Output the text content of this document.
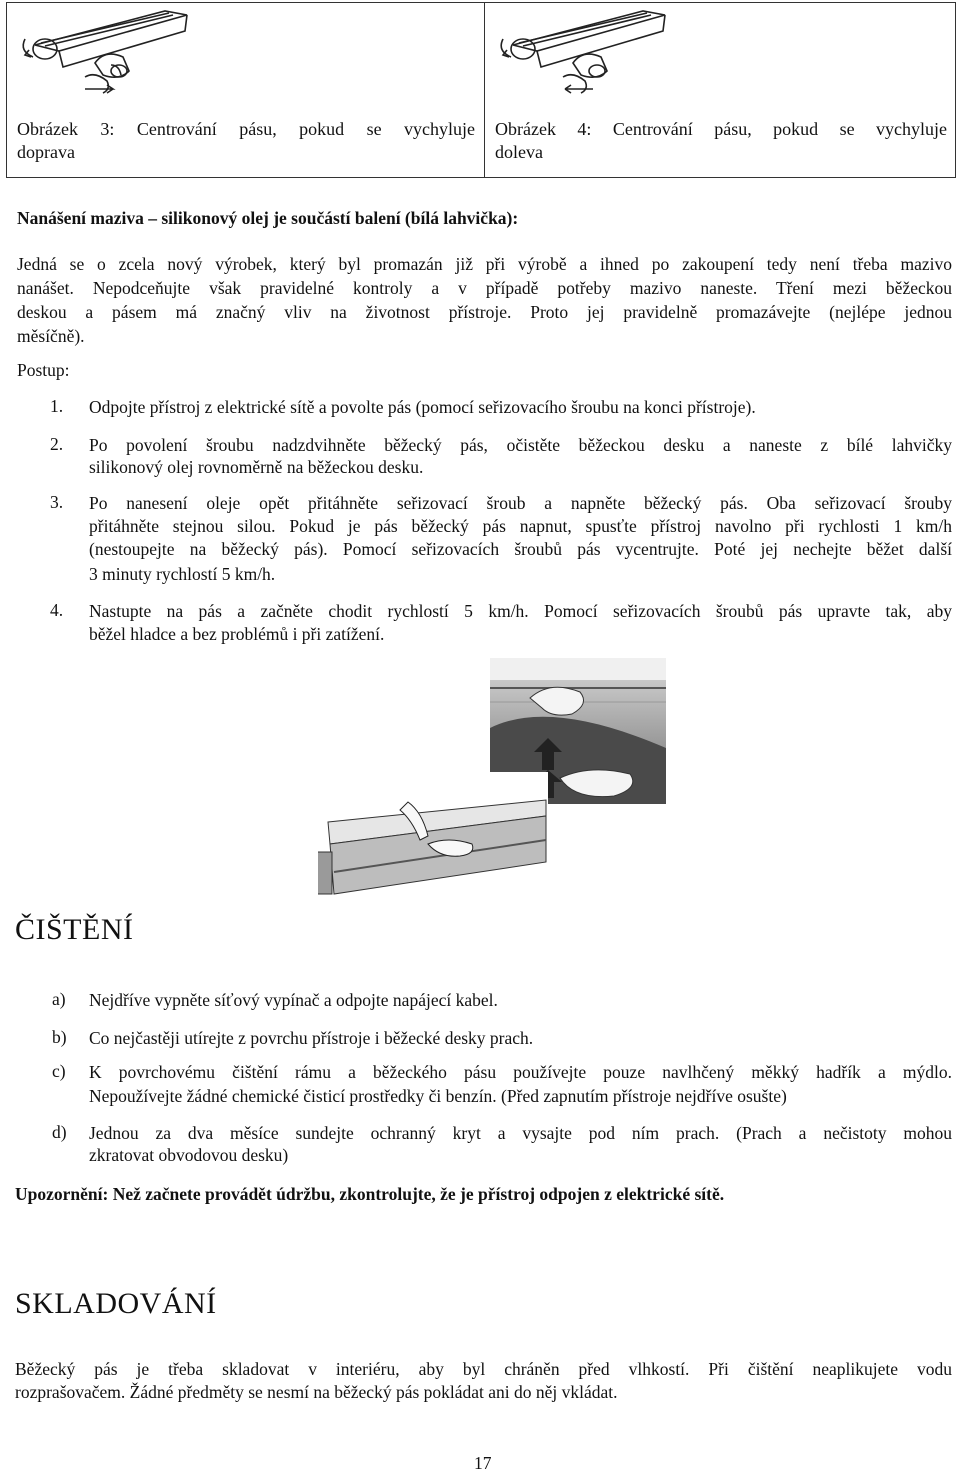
Obrázek 3: Centrování pásu, pokud se vychyluje
doprava
Obrázek 4: Centrování pásu, pokud se vychyluje
doleva
Nanášení maziva – silikonový olej je součástí balení (bílá lahvička):
Jedná se o zcela nový výrobek, který byl promazán již při výrobě a ihned po zakoupení tedy není třeba mazivo
nanášet. Nepodceňujte však pravidelné kontroly a v případě potřeby mazivo naneste. Tření mezi běžeckou
deskou a pásem má značný vliv na životnost přístroje. Proto jej pravidelně promazávejte (nejlépe jednou
měsíčně).
Postup:
1. Odpojte přístroj z elektrické sítě a povolte pás (pomocí seřizovacího šroubu na konci přístroje).
2. Po povolení šroubu nadzdvihněte běžecký pás, očistěte běžeckou desku a naneste z bílé lahvičky
silikonový olej rovnoměrně na běžeckou desku.
3. Po nanesení oleje opět přitáhněte seřizovací šroub a napněte běžecký pás. Oba seřizovací šrouby
přitáhněte stejnou silou. Pokud je pás běžecký pás napnut, spusťte přístroj navolno při rychlosti 1 km/h
(nestoupejte na běžecký pás). Pomocí seřizovacích šroubů pás vycentrujte. Poté jej nechejte běžet další
3 minuty rychlostí 5 km/h.
4. Nastupte na pás a začněte chodit rychlostí 5 km/h. Pomocí seřizovacích šroubů pás upravte tak, aby
běžel hladce a bez problémů i při zatížení.
ČIŠTĚNÍ
a) Nejdříve vypněte síťový vypínač a odpojte napájecí kabel.
b) Co nejčastěji utírejte z povrchu přístroje i běžecké desky prach.
c) K povrchovému čištění rámu a běžeckého pásu používejte pouze navlhčený měkký hadřík a mýdlo.
Nepoužívejte žádné chemické čisticí prostředky či benzín. (Před zapnutím přístroje nejdříve osušte)
d) Jednou za dva měsíce sundejte ochranný kryt a vysajte pod ním prach. (Prach a nečistoty mohou
zkratovat obvodovou desku)
Upozornění: Než začnete provádět údržbu, zkontrolujte, že je přístroj odpojen z elektrické sítě.
SKLADOVÁNÍ
Běžecký pás je třeba skladovat v interiéru, aby byl chráněn před vlhkostí. Při čištění neaplikujete vodu
rozprašovačem. Žádné předměty se nesmí na běžecký pás pokládat ani do něj vkládat.
17
